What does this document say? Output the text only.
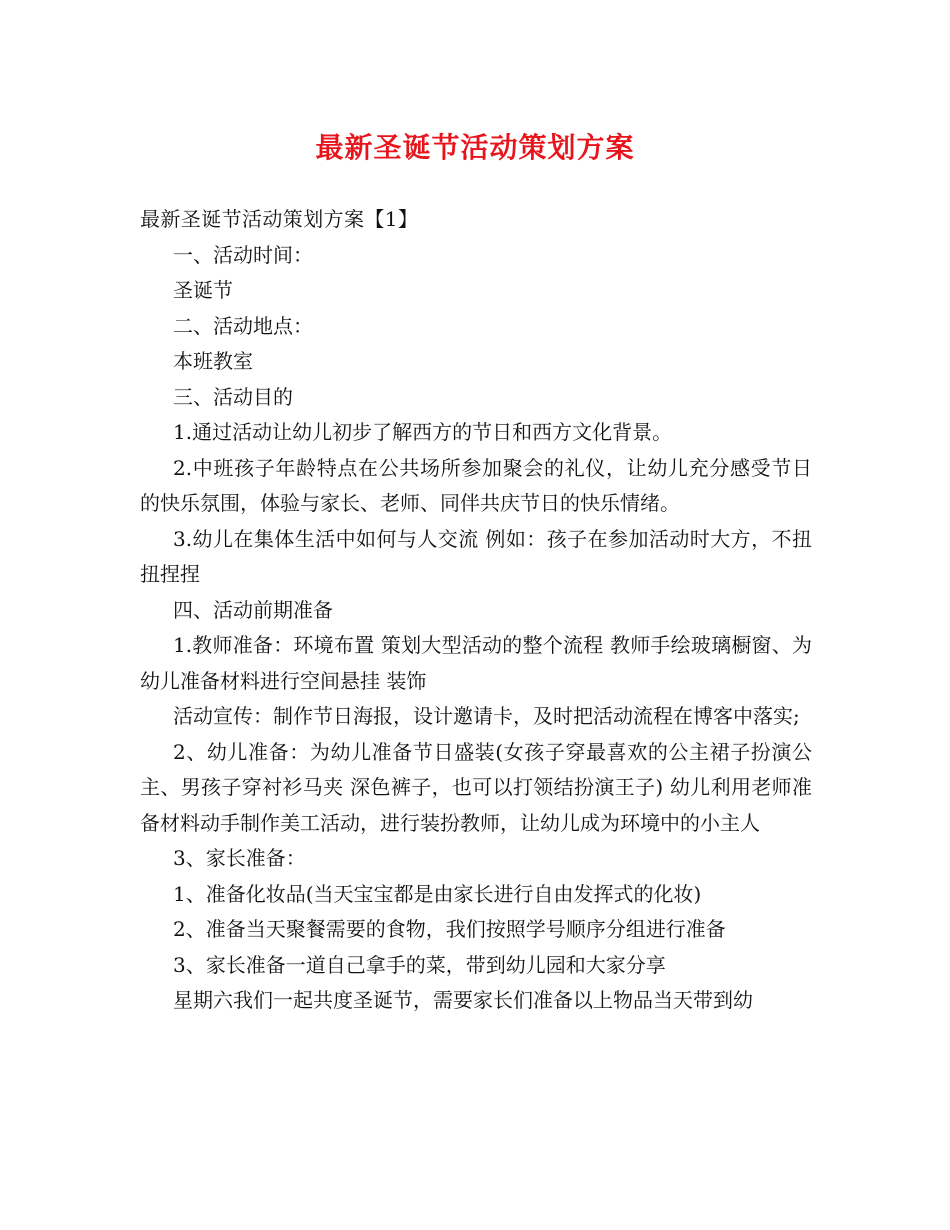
最新圣诞节活动策划方案

最新圣诞节活动策划方案【1】

一、活动时间：

圣诞节

二、活动地点：

本班教室

三、活动目的

1.通过活动让幼儿初步了解西方的节日和西方文化背景。

2.中班孩子年龄特点在公共场所参加聚会的礼仪，让幼儿充分感受节日的快乐氛围，体验与家长、老师、同伴共庆节日的快乐情绪。

3.幼儿在集体生活中如何与人交流 例如：孩子在参加活动时大方，不扭扭捏捏

四、活动前期准备

1.教师准备：环境布置 策划大型活动的整个流程 教师手绘玻璃橱窗、为幼儿准备材料进行空间悬挂 装饰

活动宣传：制作节日海报，设计邀请卡，及时把活动流程在博客中落实;

2、幼儿准备：为幼儿准备节日盛装(女孩子穿最喜欢的公主裙子扮演公主、男孩子穿衬衫马夹 深色裤子，也可以打领结扮演王子) 幼儿利用老师准备材料动手制作美工活动，进行装扮教师，让幼儿成为环境中的小主人

3、家长准备：

1、准备化妆品(当天宝宝都是由家长进行自由发挥式的化妆)

2、准备当天聚餐需要的食物，我们按照学号顺序分组进行准备

3、家长准备一道自己拿手的菜，带到幼儿园和大家分享

星期六我们一起共度圣诞节，需要家长们准备以上物品当天带到幼
